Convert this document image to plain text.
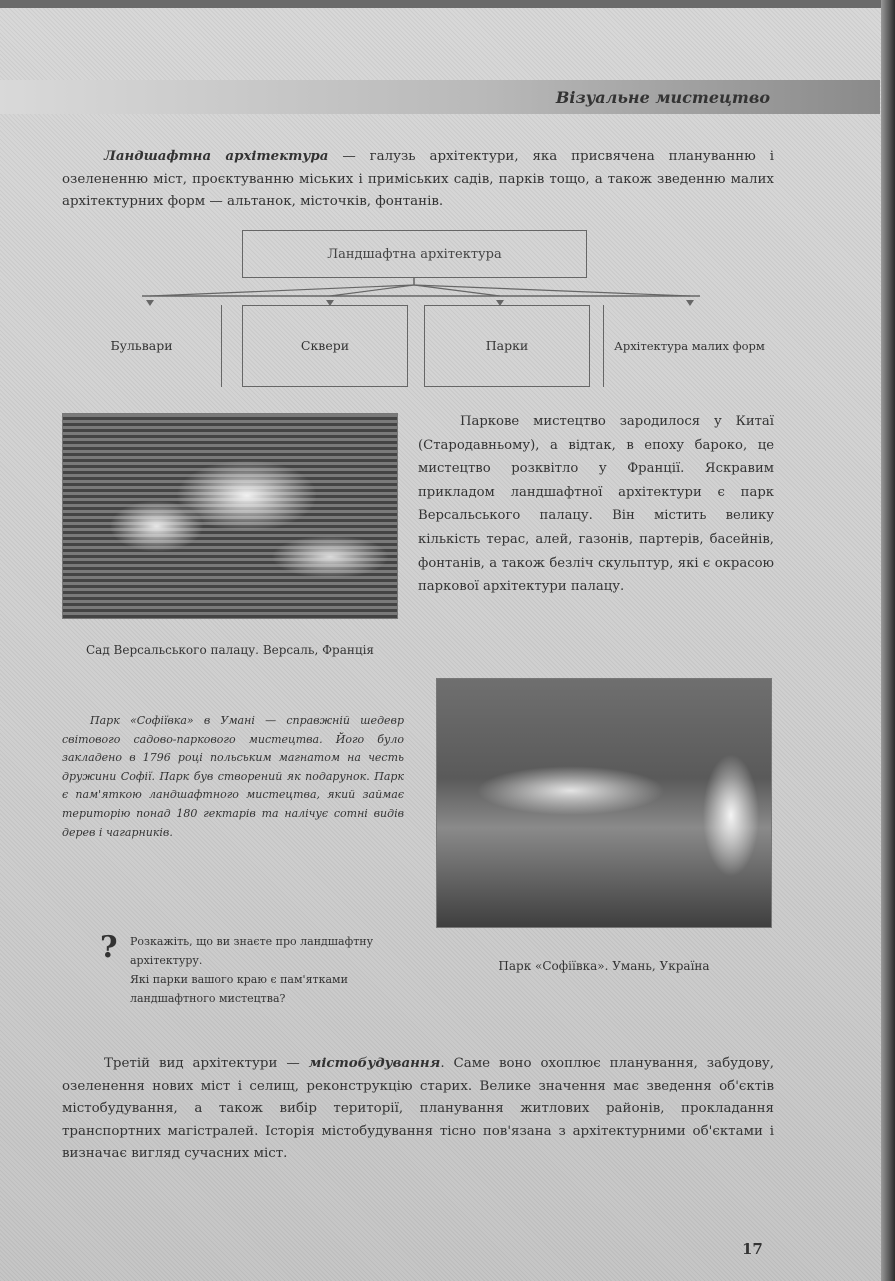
Візуальне мистецтво
Ландшафтна архітектура — галузь архітектури, яка присвячена плануванню і озелененню міст, проєктуванню міських і приміських садів, парків тощо, а також зведенню малих архітектурних форм — альтанок, місточків, фонтанів.
Ландшафтна архітектура
Бульвари	Сквери	Парки	Архітектура малих форм
Сад Версальського палацу. Версаль, Франція
Паркове мистецтво зародилося у Китаї (Стародавньому), а відтак, в епоху бароко, це мистецтво розквітло у Франції. Яскравим прикладом ландшафтної архітектури є парк Версальського палацу. Він містить велику кількість терас, алей, газонів, партерів, басейнів, фонтанів, а також безліч скульптур, які є окрасою паркової архітектури палацу.
Парк «Софіївка» в Умані — справжній шедевр світового садово-паркового мистецтва. Його було закладено в 1796 році польським магнатом на честь дружини Софії. Парк був створений як подарунок. Парк є пам'яткою ландшафтного мистецтва, який займає територію понад 180 гектарів та налічує сотні видів дерев і чагарників.
? Розкажіть, що ви знаєте про ландшафтну архітектуру.
Які парки вашого краю є пам'ятками ландшафтного мистецтва?
Парк «Софіївка». Умань, Україна
Третій вид архітектури — містобудування. Саме воно охоплює планування, забудову, озеленення нових міст і селищ, реконструкцію старих. Велике значення має зведення об'єктів містобудування, а також вибір території, планування житлових районів, прокладання транспортних магістралей. Історія містобудування тісно пов'язана з архітектурними об'єктами і визначає вигляд сучасних міст.
17
